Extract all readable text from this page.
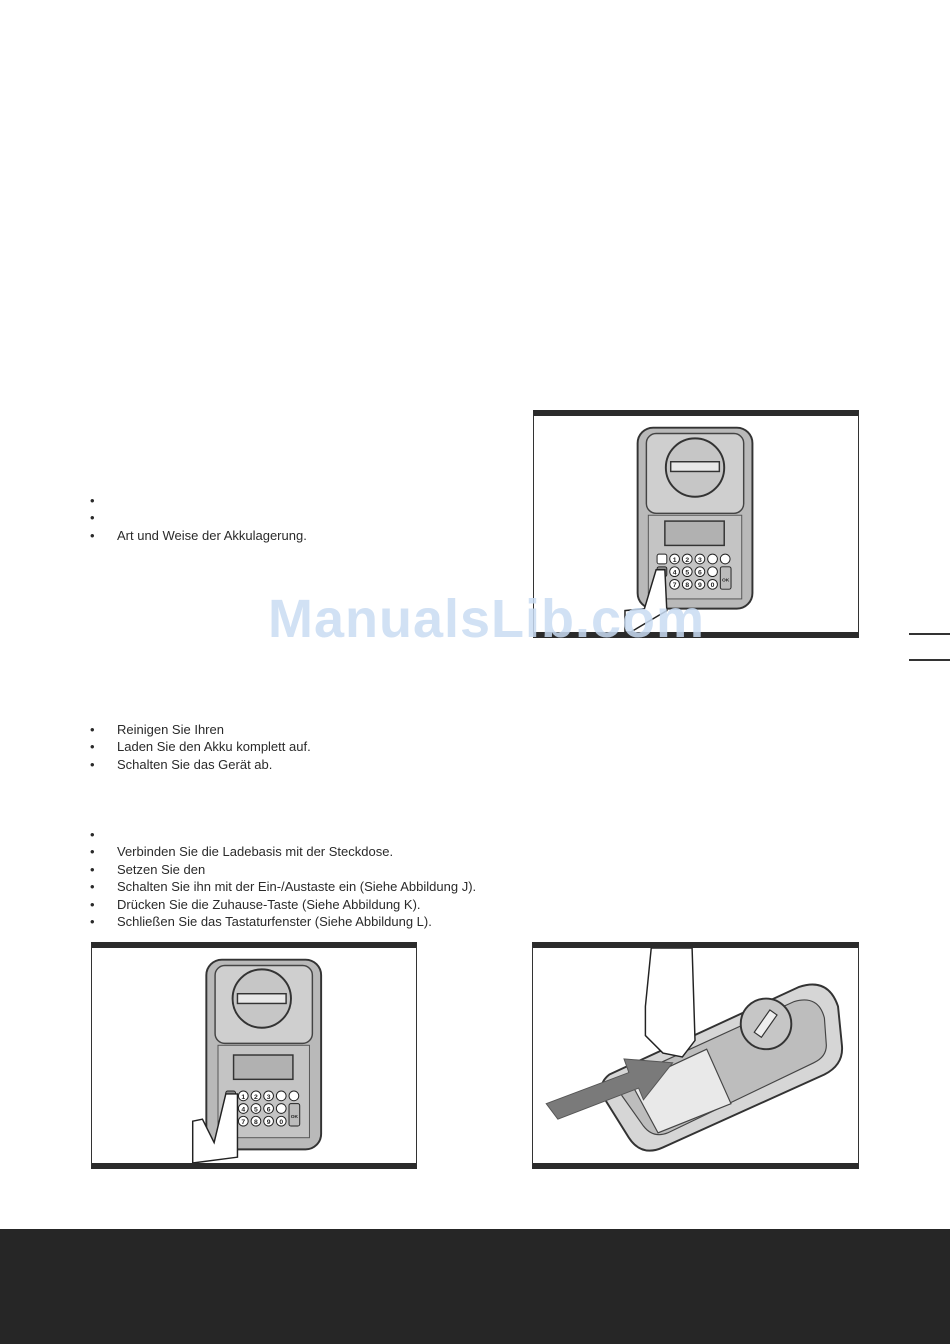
•
•
• Art und Weise der Akkulagerung.
1 2 3
4 5 6
7 8 9 0
OK
ManualsLib.com
• Reinigen Sie Ihren
• Laden Sie den Akku komplett auf.
• Schalten Sie das Gerät ab.
•
• Verbinden Sie die Ladebasis mit der Steckdose.
• Setzen Sie den
• Schalten Sie ihn mit der Ein-/Austaste ein (Siehe Abbildung J).
• Drücken Sie die Zuhause-Taste (Siehe Abbildung K).
• Schließen Sie das Tastaturfenster (Siehe Abbildung L).
1 2 3
4 5 6
7 8 9 0
OK
